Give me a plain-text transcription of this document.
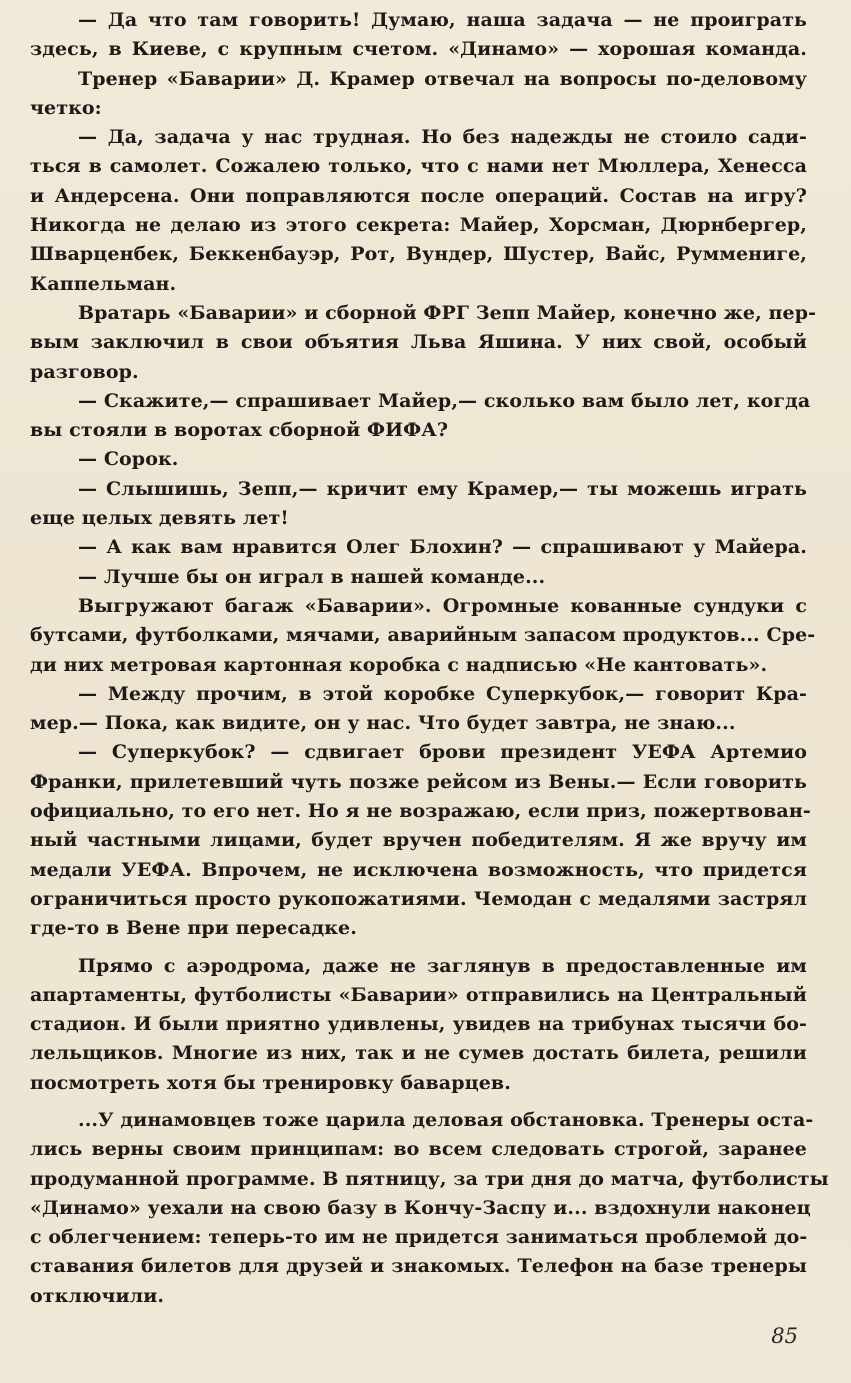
— Да что там говорить! Думаю, наша задача — не проиграть
здесь, в Киеве, с крупным счетом. «Динамо» — хорошая команда.
Тренер «Баварии» Д. Крамер отвечал на вопросы по-деловому
четко:
— Да, задача у нас трудная. Но без надежды не стоило сади-
ться в самолет. Сожалею только, что с нами нет Мюллера, Хенесса
и Андерсена. Они поправляются после операций. Состав на игру?
Никогда не делаю из этого секрета: Майер, Хорсман, Дюрнбергер,
Шварценбек, Беккенбауэр, Рот, Вундер, Шустер, Вайс, Руммениге,
Каппельман.
Вратарь «Баварии» и сборной ФРГ Зепп Майер, конечно же, пер-
вым заключил в свои объятия Льва Яшина. У них свой, особый
разговор.
— Скажите,— спрашивает Майер,— сколько вам было лет, когда
вы стояли в воротах сборной ФИФА?
— Сорок.
— Слышишь, Зепп,— кричит ему Крамер,— ты можешь играть
еще целых девять лет!
— А как вам нравится Олег Блохин? — спрашивают у Майера.
— Лучше бы он играл в нашей команде...
Выгружают багаж «Баварии». Огромные кованные сундуки с
бутсами, футболками, мячами, аварийным запасом продуктов... Сре-
ди них метровая картонная коробка с надписью «Не кантовать».
— Между прочим, в этой коробке Суперкубок,— говорит Кра-
мер.— Пока, как видите, он у нас. Что будет завтра, не знаю...
— Суперкубок? — сдвигает брови президент УЕФА Артемио
Франки, прилетевший чуть позже рейсом из Вены.— Если говорить
официально, то его нет. Но я не возражаю, если приз, пожертвован-
ный частными лицами, будет вручен победителям. Я же вручу им
медали УЕФА. Впрочем, не исключена возможность, что придется
ограничиться просто рукопожатиями. Чемодан с медалями застрял
где-то в Вене при пересадке.
Прямо с аэродрома, даже не заглянув в предоставленные им
апартаменты, футболисты «Баварии» отправились на Центральный
стадион. И были приятно удивлены, увидев на трибунах тысячи бо-
лельщиков. Многие из них, так и не сумев достать билета, решили
посмотреть хотя бы тренировку баварцев.
...У динамовцев тоже царила деловая обстановка. Тренеры оста-
лись верны своим принципам: во всем следовать строгой, заранее
продуманной программе. В пятницу, за три дня до матча, футболисты
«Динамо» уехали на свою базу в Кончу-Заспу и... вздохнули наконец
с облегчением: теперь-то им не придется заниматься проблемой до-
ставания билетов для друзей и знакомых. Телефон на базе тренеры
отключили.
85
